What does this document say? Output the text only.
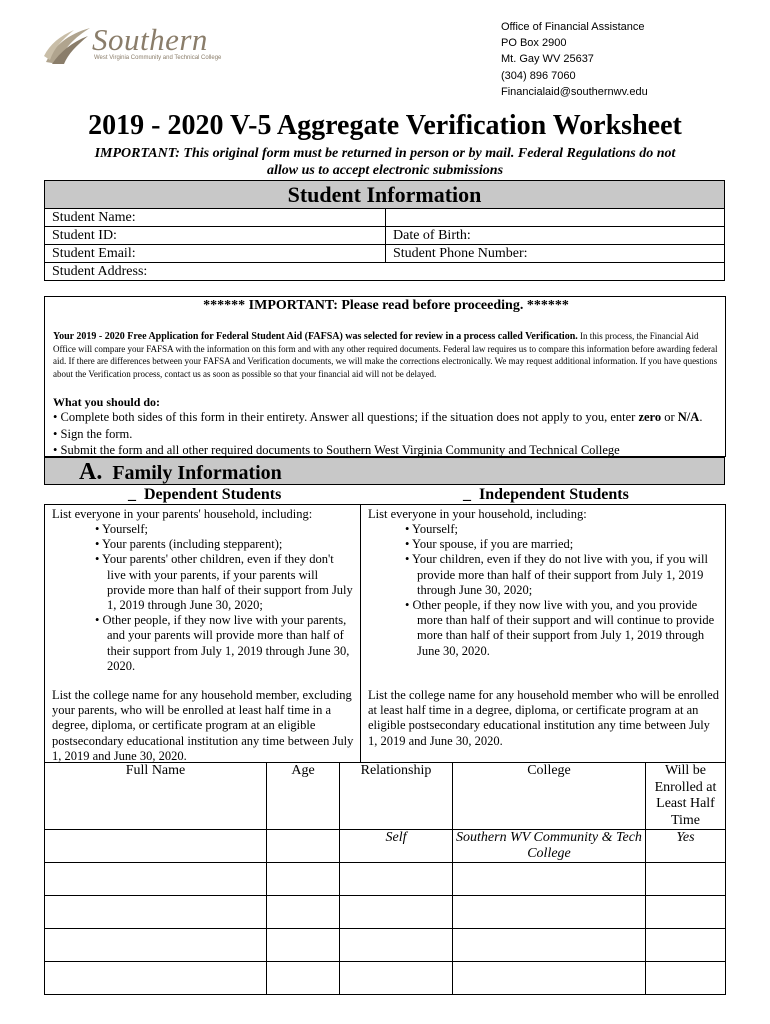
Southern
West Virginia Community and Technical College
Office of Financial Assistance
PO Box 2900
Mt. Gay WV 25637
(304) 896 7060
Financialaid@southernwv.edu
2019 - 2020 V-5 Aggregate Verification Worksheet
IMPORTANT: This original form must be returned in person or by mail. Federal Regulations do not
allow us to accept electronic submissions
Student Information
Student Name:	
Student ID:	Date of Birth:
Student Email:	Student Phone Number:
Student Address:	
****** IMPORTANT: Please read before proceeding. ******
Your 2019 - 2020 Free Application for Federal Student Aid (FAFSA) was selected for review in a process called Verification. In this process, the Financial Aid Office will compare your FAFSA with the information on this form and with any other required documents. Federal law requires us to compare this information before awarding federal aid. If there are differences between your FAFSA and Verification documents, we will make the corrections electronically. We may request additional information. If you have questions about the Verification process, contact us as soon as possible so that your financial aid will not be delayed.
What you should do:
• Complete both sides of this form in their entirety. Answer all questions; if the situation does not apply to you, enter zero or N/A.
• Sign the form.
• Submit the form and all other required documents to Southern West Virginia Community and Technical College
A. Family Information
_ Dependent Students	_ Independent Students
List everyone in your parents' household, including:
• Yourself;
• Your parents (including stepparent);
• Your parents' other children, even if they don't live with your parents, if your parents will provide more than half of their support from July 1, 2019 through June 30, 2020;
• Other people, if they now live with your parents, and your parents will provide more than half of their support from July 1, 2019 through June 30, 2020.
List the college name for any household member, excluding your parents, who will be enrolled at least half time in a degree, diploma, or certificate program at an eligible postsecondary educational institution any time between July 1, 2019 and June 30, 2020.
List everyone in your household, including:
• Yourself;
• Your spouse, if you are married;
• Your children, even if they do not live with you, if you will provide more than half of their support from July 1, 2019 through June 30, 2020;
• Other people, if they now live with you, and you provide more than half of their support and will continue to provide more than half of their support from July 1, 2019 through June 30, 2020.
List the college name for any household member who will be enrolled at least half time in a degree, diploma, or certificate program at an eligible postsecondary educational institution any time between July 1, 2019 and June 30, 2020.
Full Name	Age	Relationship	College	Will be Enrolled at Least Half Time
		Self	Southern WV Community & Tech College	Yes
